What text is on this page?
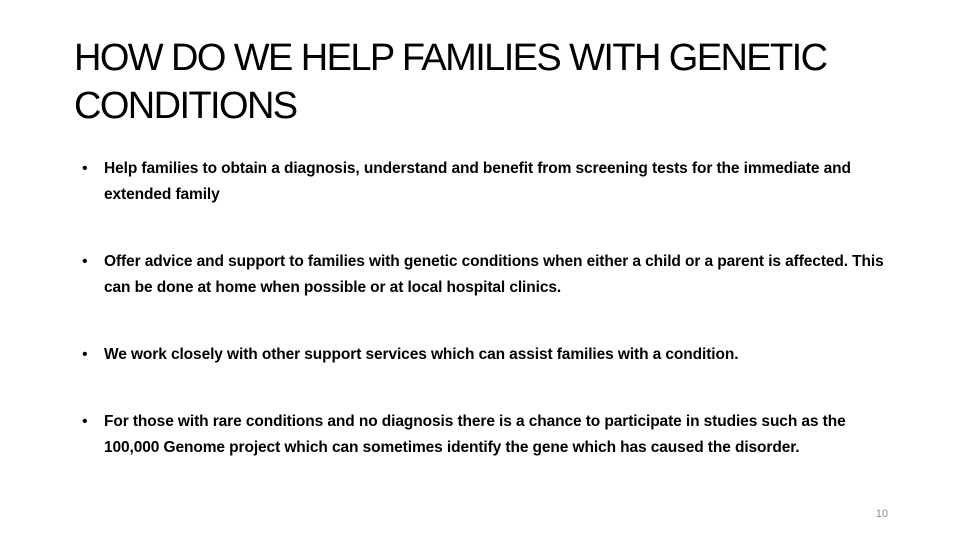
HOW DO WE HELP FAMILIES WITH GENETIC CONDITIONS
• Help families to obtain a diagnosis, understand and benefit from screening tests for the immediate and extended family
• Offer advice and support to families with genetic conditions when either a child or a parent is affected. This can be done at home when possible or at local hospital clinics.
• We work closely with other support services which can assist families with a condition.
• For those with rare conditions and no diagnosis there is a chance to participate in studies such as the 100,000 Genome project which can sometimes identify the gene which has caused the disorder.
10
